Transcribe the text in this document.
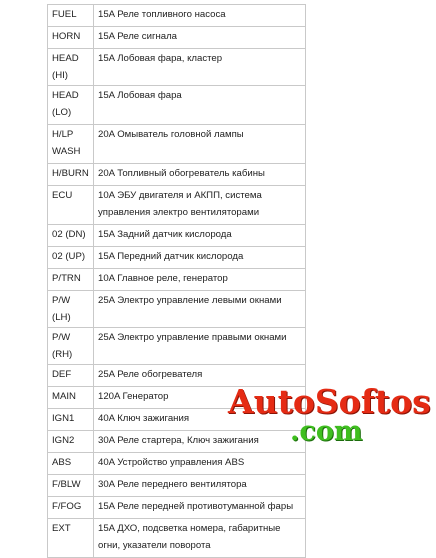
FUEL	15A Реле топливного насоса
HORN	15A Реле сигнала
HEAD (HI)	15A Лобовая фара, кластер
HEAD (LO)	15A Лобовая фара
H/LP WASH	20A Омыватель головной лампы
H/BURN	20A Топливный обогреватель кабины
ECU	10A ЭБУ двигателя и АКПП, система управления электро вентиляторами
02 (DN)	15A Задний датчик кислорода
02 (UP)	15A Передний датчик кислорода
P/TRN	10A Главное реле, генератор
P/W (LH)	25A Электро управление левыми окнами
P/W (RH)	25A Электро управление правыми окнами
DEF	25A Реле обогревателя
MAIN	120A Генератор
IGN1	40A Ключ зажигания
IGN2	30A Реле стартера, Ключ зажигания
ABS	40A Устройство управления ABS
F/BLW	30A Реле переднего вентилятора
F/FOG	15A Реле передней противотуманной фары
EXT	15A ДХО, подсветка номера, габаритные огни, указатели поворота
AutoSoftos
.com
